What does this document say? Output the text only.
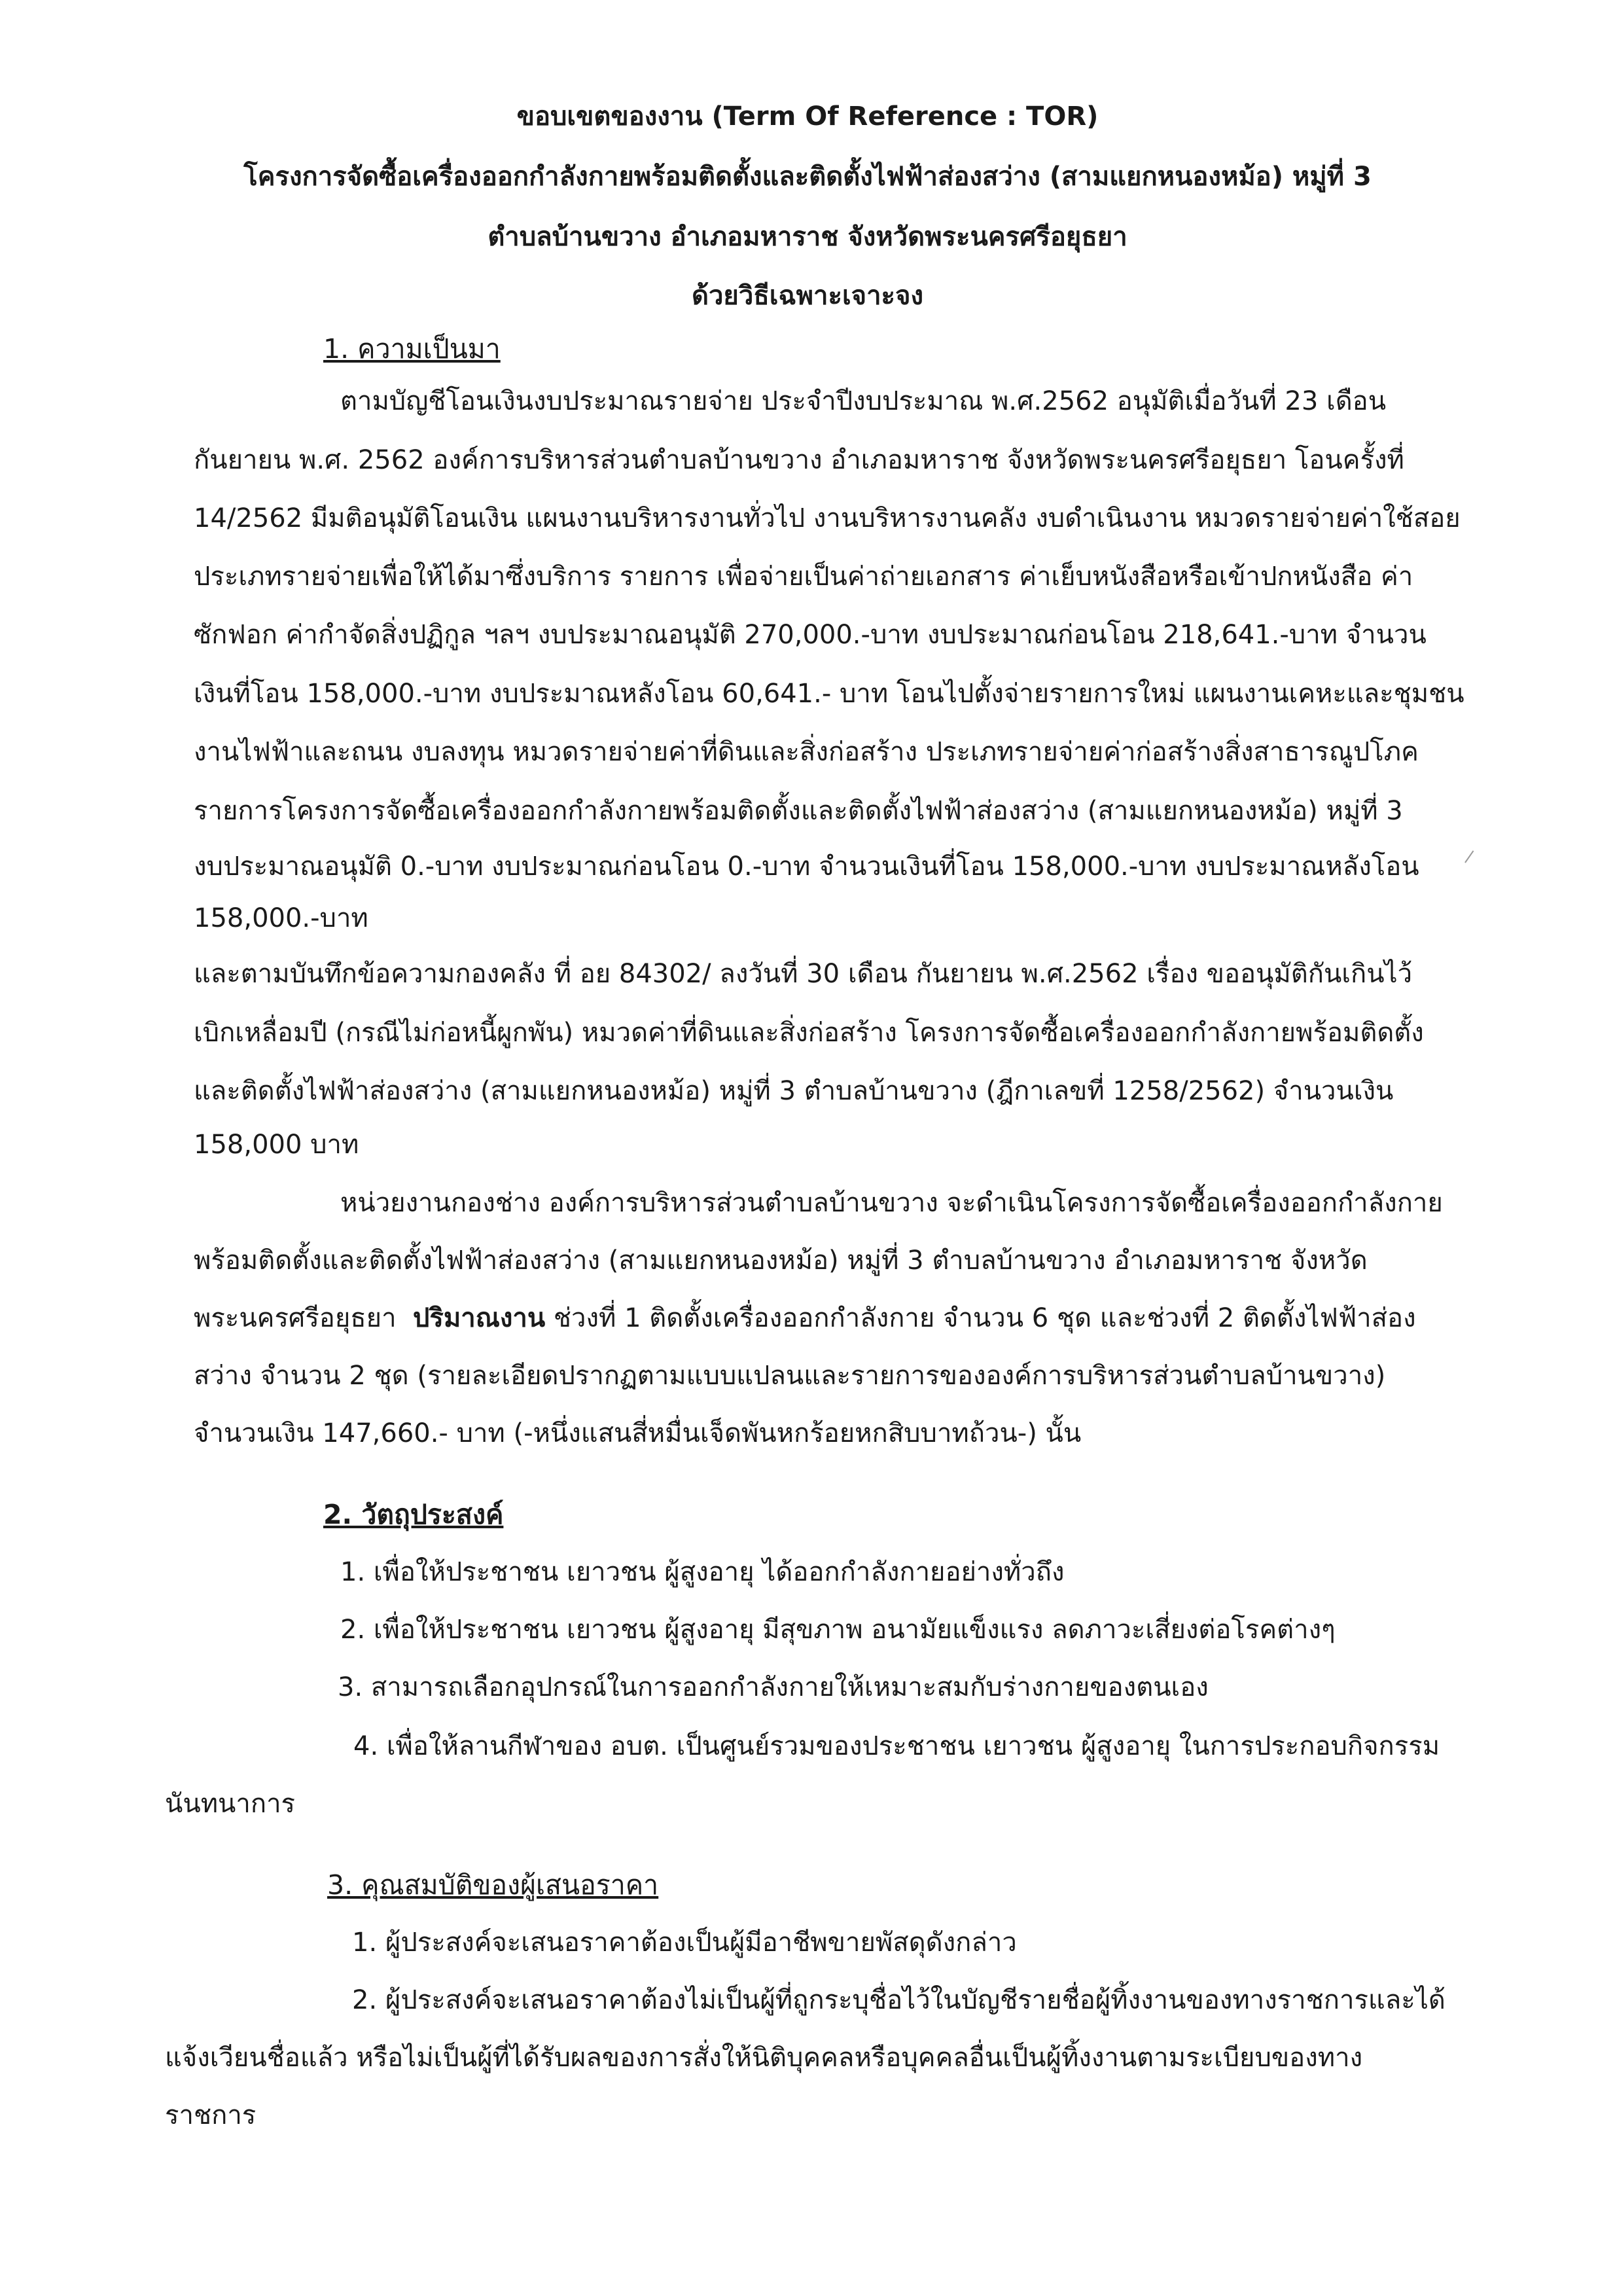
ขอบเขตของงาน (Term Of Reference : TOR)
โครงการจัดซื้อเครื่องออกกำลังกายพร้อมติดตั้งและติดตั้งไฟฟ้าส่องสว่าง (สามแยกหนองหม้อ) หมู่ที่ 3
ตำบลบ้านขวาง อำเภอมหาราช จังหวัดพระนครศรีอยุธยา
ด้วยวิธีเฉพาะเจาะจง
1. ความเป็นมา
ตามบัญชีโอนเงินงบประมาณรายจ่าย ประจำปีงบประมาณ พ.ศ.2562 อนุมัติเมื่อวันที่ 23 เดือน
กันยายน พ.ศ. 2562 องค์การบริหารส่วนตำบลบ้านขวาง อำเภอมหาราช จังหวัดพระนครศรีอยุธยา โอนครั้งที่
14/2562 มีมติอนุมัติโอนเงิน แผนงานบริหารงานทั่วไป งานบริหารงานคลัง งบดำเนินงาน หมวดรายจ่ายค่าใช้สอย
ประเภทรายจ่ายเพื่อให้ได้มาซึ่งบริการ รายการ เพื่อจ่ายเป็นค่าถ่ายเอกสาร ค่าเย็บหนังสือหรือเข้าปกหนังสือ ค่า
ซักฟอก ค่ากำจัดสิ่งปฏิกูล ฯลฯ งบประมาณอนุมัติ 270,000.-บาท งบประมาณก่อนโอน 218,641.-บาท จำนวน
เงินที่โอน 158,000.-บาท งบประมาณหลังโอน 60,641.- บาท โอนไปตั้งจ่ายรายการใหม่ แผนงานเคหะและชุมชน
งานไฟฟ้าและถนน งบลงทุน หมวดรายจ่ายค่าที่ดินและสิ่งก่อสร้าง ประเภทรายจ่ายค่าก่อสร้างสิ่งสาธารณูปโภค
รายการโครงการจัดซื้อเครื่องออกกำลังกายพร้อมติดตั้งและติดตั้งไฟฟ้าส่องสว่าง (สามแยกหนองหม้อ) หมู่ที่ 3
งบประมาณอนุมัติ 0.-บาท งบประมาณก่อนโอน 0.-บาท จำนวนเงินที่โอน 158,000.-บาท งบประมาณหลังโอน
158,000.-บาท
และตามบันทึกข้อความกองคลัง ที่ อย 84302/ ลงวันที่ 30 เดือน กันยายน พ.ศ.2562 เรื่อง ขออนุมัติกันเกินไว้
เบิกเหลื่อมปี (กรณีไม่ก่อหนี้ผูกพัน) หมวดค่าที่ดินและสิ่งก่อสร้าง โครงการจัดซื้อเครื่องออกกำลังกายพร้อมติดตั้ง
และติดตั้งไฟฟ้าส่องสว่าง (สามแยกหนองหม้อ) หมู่ที่ 3 ตำบลบ้านขวาง (ฎีกาเลขที่ 1258/2562) จำนวนเงิน
158,000 บาท
หน่วยงานกองช่าง องค์การบริหารส่วนตำบลบ้านขวาง จะดำเนินโครงการจัดซื้อเครื่องออกกำลังกาย
พร้อมติดตั้งและติดตั้งไฟฟ้าส่องสว่าง (สามแยกหนองหม้อ) หมู่ที่ 3 ตำบลบ้านขวาง อำเภอมหาราช จังหวัด
พระนครศรีอยุธยา ปริมาณงาน ช่วงที่ 1 ติดตั้งเครื่องออกกำลังกาย จำนวน 6 ชุด และช่วงที่ 2 ติดตั้งไฟฟ้าส่อง
สว่าง จำนวน 2 ชุด (รายละเอียดปรากฏตามแบบแปลนและรายการขององค์การบริหารส่วนตำบลบ้านขวาง)
จำนวนเงิน 147,660.- บาท (-หนึ่งแสนสี่หมื่นเจ็ดพันหกร้อยหกสิบบาทถ้วน-) นั้น
2. วัตถุประสงค์
1. เพื่อให้ประชาชน เยาวชน ผู้สูงอายุ ได้ออกกำลังกายอย่างทั่วถึง
2. เพื่อให้ประชาชน เยาวชน ผู้สูงอายุ มีสุขภาพ อนามัยแข็งแรง ลดภาวะเสี่ยงต่อโรคต่างๆ
3. สามารถเลือกอุปกรณ์ในการออกกำลังกายให้เหมาะสมกับร่างกายของตนเอง
4. เพื่อให้ลานกีฬาของ อบต. เป็นศูนย์รวมของประชาชน เยาวชน ผู้สูงอายุ ในการประกอบกิจกรรม
นันทนาการ
3. คุณสมบัติของผู้เสนอราคา
1. ผู้ประสงค์จะเสนอราคาต้องเป็นผู้มีอาชีพขายพัสดุดังกล่าว
2. ผู้ประสงค์จะเสนอราคาต้องไม่เป็นผู้ที่ถูกระบุชื่อไว้ในบัญชีรายชื่อผู้ทิ้งงานของทางราชการและได้
แจ้งเวียนชื่อแล้ว หรือไม่เป็นผู้ที่ได้รับผลของการสั่งให้นิติบุคคลหรือบุคคลอื่นเป็นผู้ทิ้งงานตามระเบียบของทาง
ราชการ
